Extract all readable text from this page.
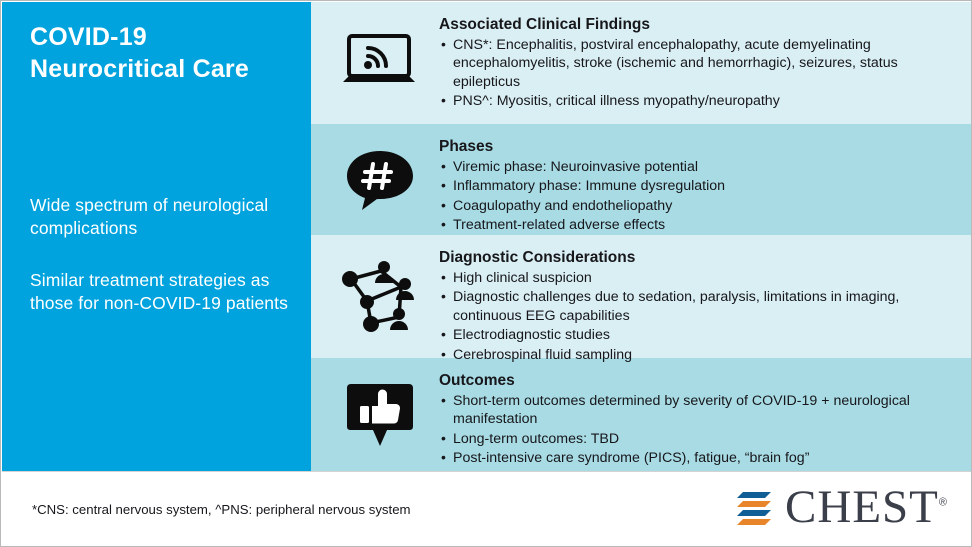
COVID-19
Neurocritical Care

Wide spectrum of neurological complications

Similar treatment strategies as those for non-COVID-19 patients

Associated Clinical Findings
• CNS*: Encephalitis, postviral encephalopathy, acute demyelinating encephalomyelitis, stroke (ischemic and hemorrhagic), seizures, status epilepticus
• PNS^: Myositis, critical illness myopathy/neuropathy
Phases
• Viremic phase: Neuroinvasive potential
• Inflammatory phase: Immune dysregulation
• Coagulopathy and endotheliopathy
• Treatment-related adverse effects
Diagnostic Considerations
• High clinical suspicion
• Diagnostic challenges due to sedation, paralysis, limitations in imaging, continuous EEG capabilities
• Electrodiagnostic studies
• Cerebrospinal fluid sampling
Outcomes
• Short-term outcomes determined by severity of COVID-19 + neurological manifestation
• Long-term outcomes: TBD
• Post-intensive care syndrome (PICS), fatigue, “brain fog”
*CNS: central nervous system, ^PNS: peripheral nervous system	CHEST®
